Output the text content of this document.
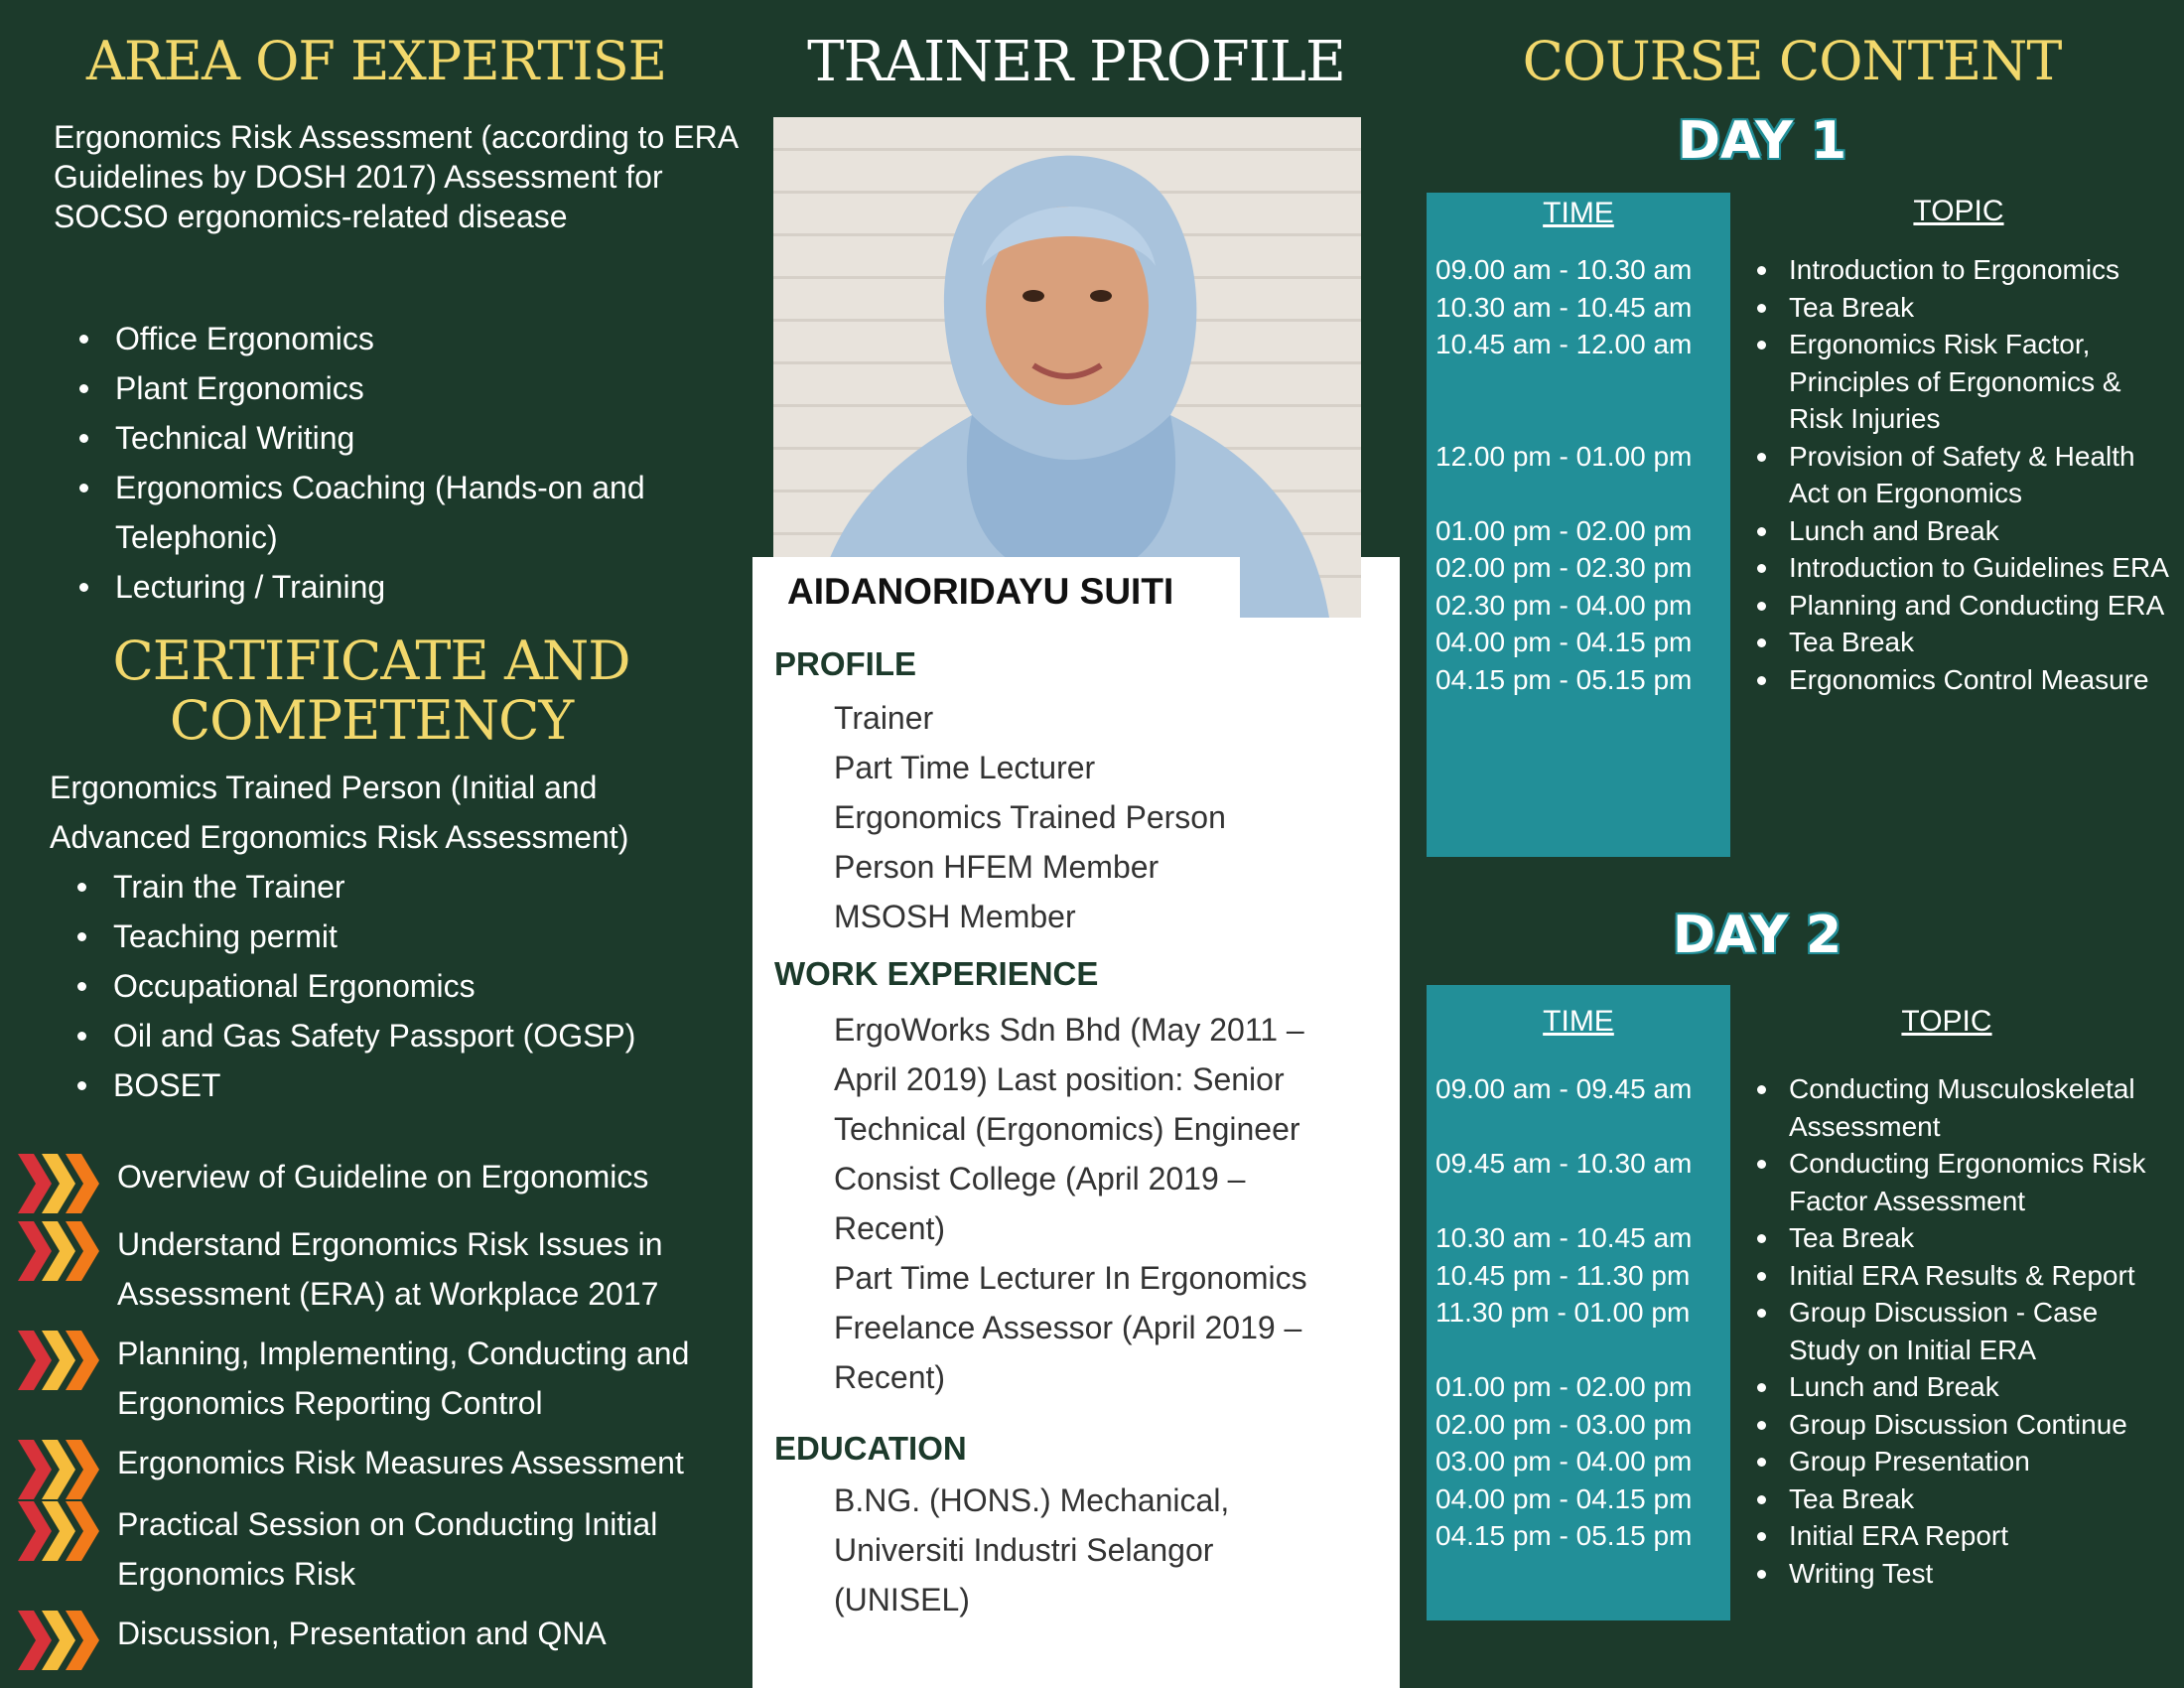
AREA OF EXPERTISE
Ergonomics Risk Assessment (according to ERA Guidelines by DOSH 2017) Assessment for SOCSO ergonomics-related disease
Office Ergonomics
Plant Ergonomics
Technical Writing
Ergonomics Coaching (Hands-on and Telephonic)
Lecturing / Training
CERTIFICATE AND COMPETENCY
Ergonomics Trained Person (Initial and Advanced Ergonomics Risk Assessment)
Train the Trainer
Teaching permit
Occupational Ergonomics
Oil and Gas Safety Passport (OGSP)
BOSET
Overview of Guideline on Ergonomics
Understand Ergonomics Risk Issues in Assessment (ERA) at Workplace 2017
Planning, Implementing, Conducting and Ergonomics Reporting Control
Ergonomics Risk Measures Assessment
Practical Session on Conducting Initial Ergonomics Risk
Discussion, Presentation and QNA
TRAINER PROFILE
AIDANORIDAYU SUITI
PROFILE
Trainer
Part Time Lecturer
Ergonomics Trained Person
Person HFEM Member
MSOSH Member
WORK EXPERIENCE
ErgoWorks Sdn Bhd (May 2011 – April 2019) Last position: Senior Technical (Ergonomics) Engineer
Consist College (April 2019 – Recent)
Part Time Lecturer In Ergonomics
Freelance Assessor (April 2019 – Recent)
EDUCATION
B.NG. (HONS.) Mechanical, Universiti Industri Selangor (UNISEL)
COURSE CONTENT
DAY 1
TIME	TOPIC
09.00 am - 10.30 am	Introduction to Ergonomics
10.30 am - 10.45 am	Tea Break
10.45 am - 12.00 am	Ergonomics Risk Factor, Principles of Ergonomics & Risk Injuries
12.00 pm - 01.00 pm	Provision of Safety & Health Act on Ergonomics
01.00 pm - 02.00 pm	Lunch and Break
02.00 pm - 02.30 pm	Introduction to Guidelines ERA
02.30 pm - 04.00 pm	Planning and Conducting ERA
04.00 pm - 04.15 pm	Tea Break
04.15 pm - 05.15 pm	Ergonomics Control Measure
DAY 2
TIME	TOPIC
09.00 am - 09.45 am	Conducting Musculoskeletal Assessment
09.45 am - 10.30 am	Conducting Ergonomics Risk Factor Assessment
10.30 am - 10.45 am	Tea Break
10.45 pm - 11.30 pm	Initial ERA Results & Report
11.30 pm - 01.00 pm	Group Discussion - Case Study on Initial ERA
01.00 pm - 02.00 pm	Lunch and Break
02.00 pm - 03.00 pm	Group Discussion Continue
03.00 pm - 04.00 pm	Group Presentation
04.00 pm - 04.15 pm	Tea Break
04.15 pm - 05.15 pm	Initial ERA Report
Writing Test
